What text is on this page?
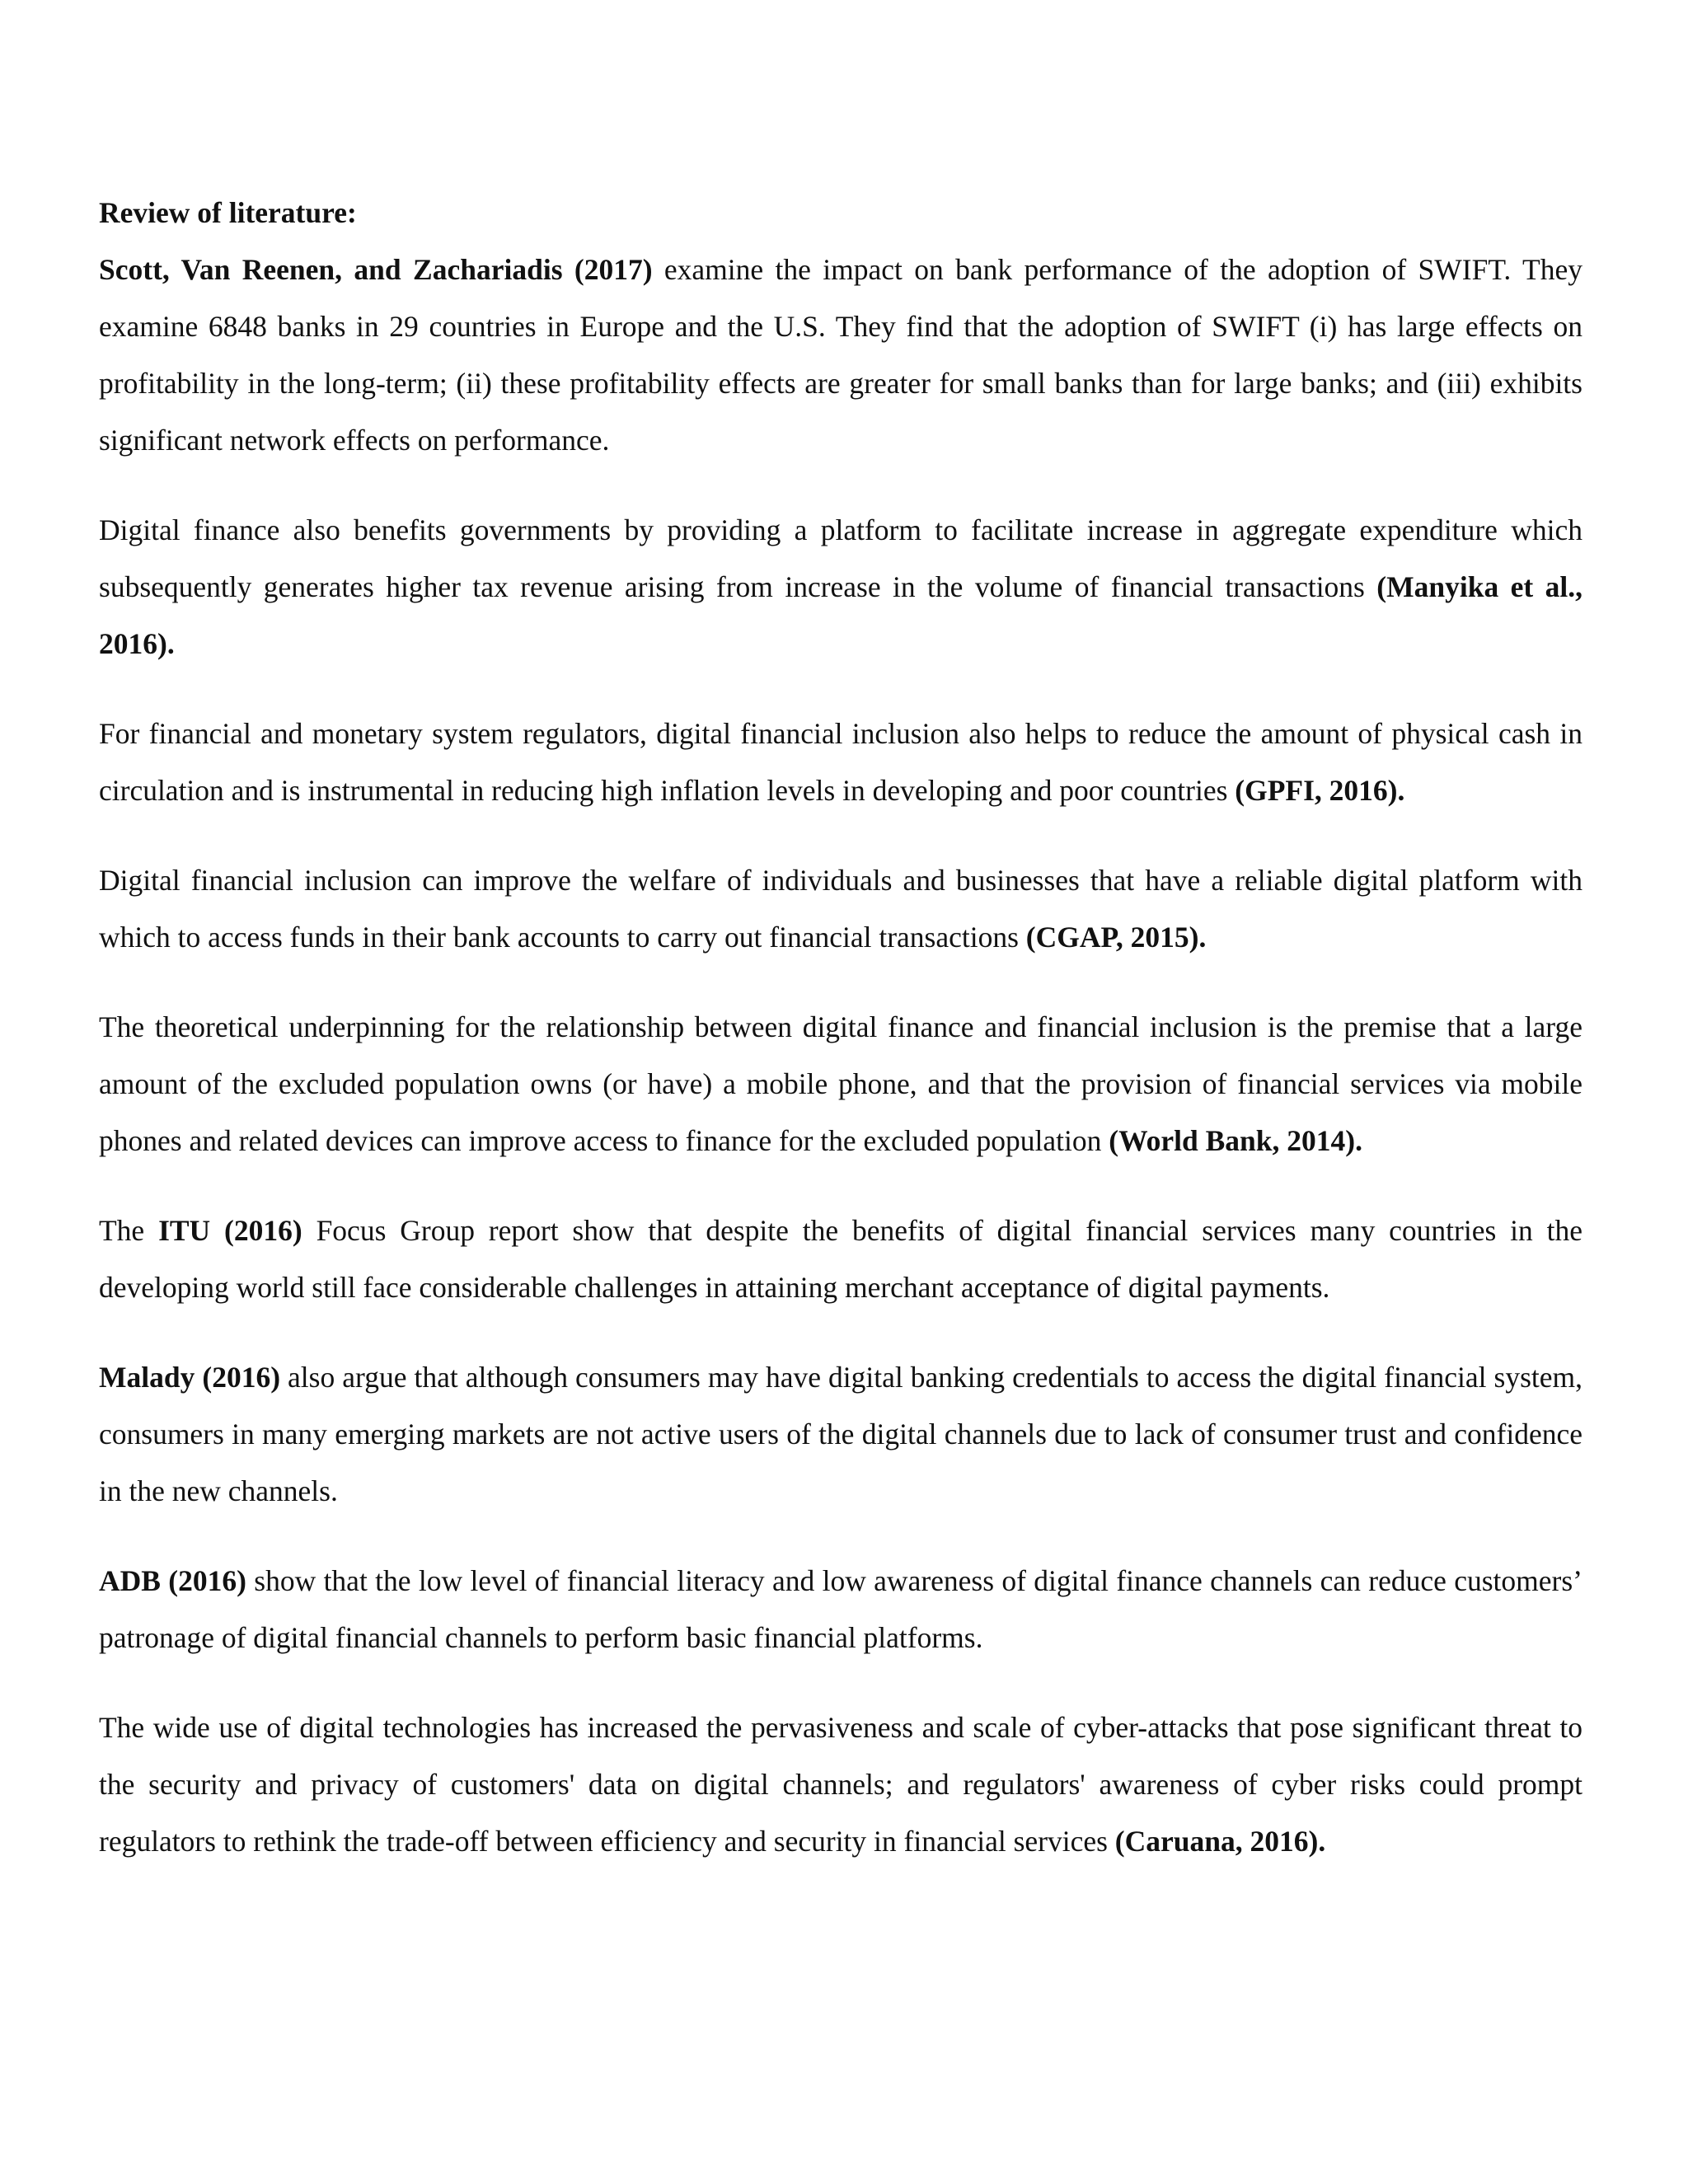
Review of literature:

Scott, Van Reenen, and Zachariadis (2017) examine the impact on bank performance of the adoption of SWIFT. They examine 6848 banks in 29 countries in Europe and the U.S. They find that the adoption of SWIFT (i) has large effects on profitability in the long-term; (ii) these profitability effects are greater for small banks than for large banks; and (iii) exhibits significant network effects on performance.

Digital finance also benefits governments by providing a platform to facilitate increase in aggregate expenditure which subsequently generates higher tax revenue arising from increase in the volume of financial transactions (Manyika et al., 2016).

For financial and monetary system regulators, digital financial inclusion also helps to reduce the amount of physical cash in circulation and is instrumental in reducing high inflation levels in developing and poor countries (GPFI, 2016).

Digital financial inclusion can improve the welfare of individuals and businesses that have a reliable digital platform with which to access funds in their bank accounts to carry out financial transactions (CGAP, 2015).

The theoretical underpinning for the relationship between digital finance and financial inclusion is the premise that a large amount of the excluded population owns (or have) a mobile phone, and that the provision of financial services via mobile phones and related devices can improve access to finance for the excluded population (World Bank, 2014).

The ITU (2016) Focus Group report show that despite the benefits of digital financial services many countries in the developing world still face considerable challenges in attaining merchant acceptance of digital payments.

Malady (2016) also argue that although consumers may have digital banking credentials to access the digital financial system, consumers in many emerging markets are not active users of the digital channels due to lack of consumer trust and confidence in the new channels.

ADB (2016) show that the low level of financial literacy and low awareness of digital finance channels can reduce customers’ patronage of digital financial channels to perform basic financial platforms.

The wide use of digital technologies has increased the pervasiveness and scale of cyber-attacks that pose significant threat to the security and privacy of customers' data on digital channels; and regulators' awareness of cyber risks could prompt regulators to rethink the trade-off between efficiency and security in financial services (Caruana, 2016).
